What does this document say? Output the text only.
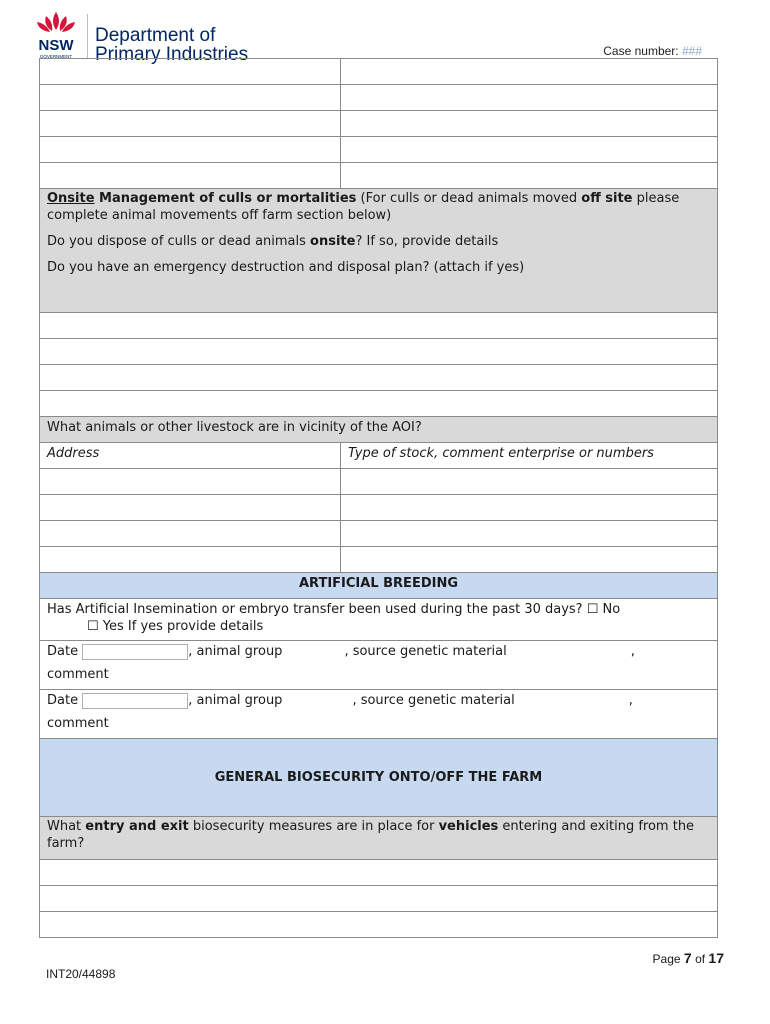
NSW
GOVERNMENT
Department of
Primary Industries	Case number: ###

Onsite Management of culls or mortalities (For culls or dead animals moved off site please complete animal movements off farm section below)

Do you dispose of culls or dead animals onsite? If so, provide details

Do you have an emergency destruction and disposal plan? (attach if yes)

What animals or other livestock are in vicinity of the AOI?
Address	Type of stock, comment enterprise or numbers
ARTIFICIAL BREEDING

Has Artificial Insemination or embryo transfer been used during the past 30 days? ☐ No

☐ Yes If yes provide details

Date	, animal group	, source genetic material	,

comment

Date	, animal group	, source genetic material	,

comment

GENERAL BIOSECURITY ONTO/OFF THE FARM

What entry and exit biosecurity measures are in place for vehicles entering and exiting from the farm?

Page 7 of 17
INT20/44898
